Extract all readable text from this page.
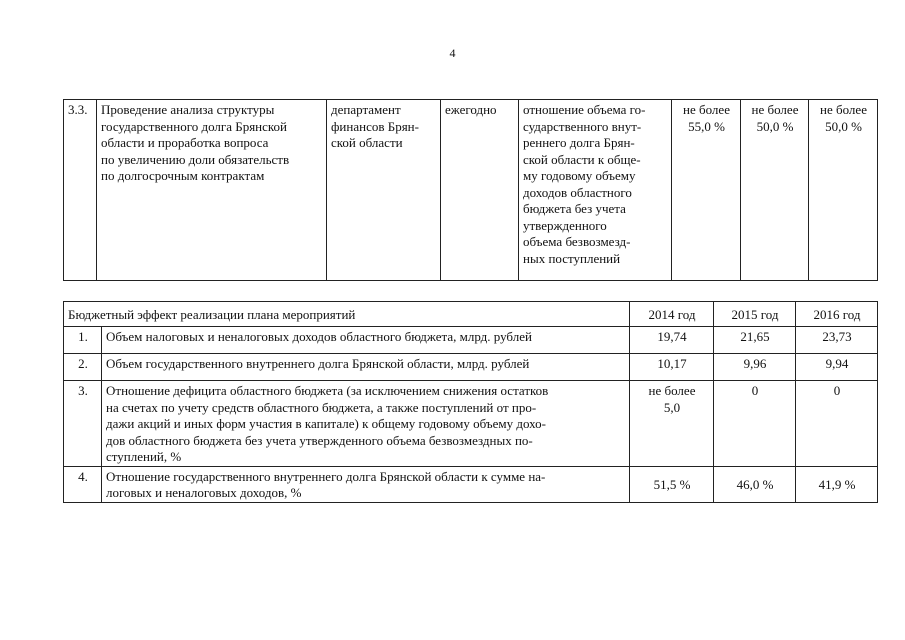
4
3.3.	Проведение анализа структуры
государственного долга Брянской
области и проработка вопроса
по увеличению доли обязательств
по долгосрочным контрактам	департамент
финансов Брян-
ской области	ежегодно	отношение объема го-
сударственного внут-
реннего долга Брян-
ской области к обще-
му годовому объему
доходов областного
бюджета без учета
утвержденного
объема безвозмезд-
ных поступлений	не более
55,0 %	не более
50,0 %	не более
50,0 %
Бюджетный эффект реализации плана мероприятий		2014 год	2015 год	2016 год
1.	Объем налоговых и неналоговых доходов областного бюджета, млрд. рублей	19,74	21,65	23,73
2.	Объем государственного внутреннего долга Брянской области, млрд. рублей	10,17	9,96	9,94
3.	Отношение дефицита областного бюджета (за исключением снижения остатков
на счетах по учету средств областного бюджета, а также поступлений от про-
дажи акций и иных форм участия в капитале) к общему годовому объему дохо-
дов областного бюджета без учета утвержденного объема безвозмездных по-
ступлений, %	не более
5,0	0	0
4.	Отношение государственного внутреннего долга Брянской области к сумме на-
логовых и неналоговых доходов, %	51,5 %	46,0 %	41,9 %
